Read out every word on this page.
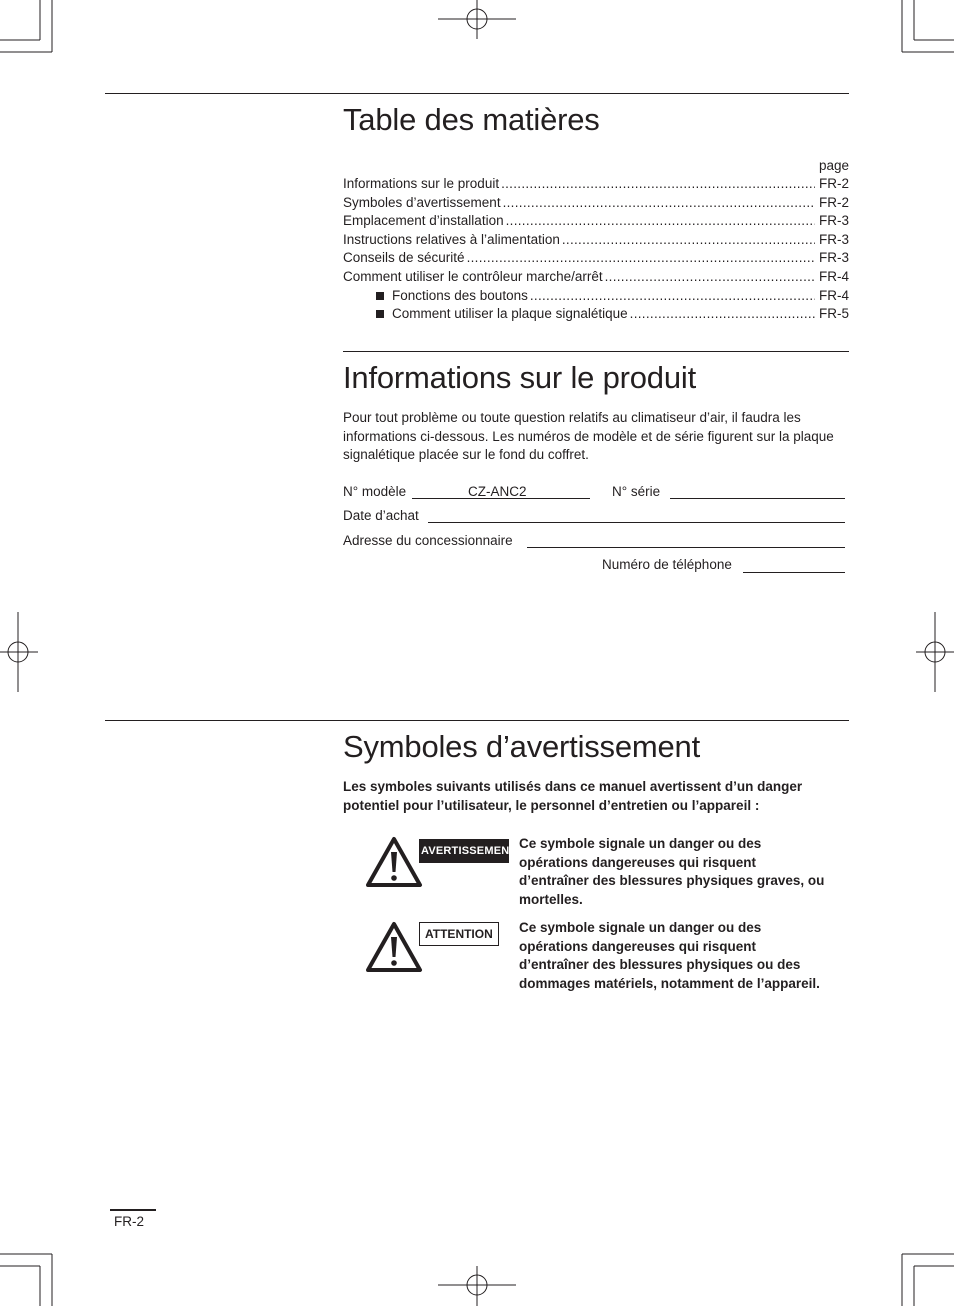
Table des matières
page
Informations sur le produit .....	FR-2
Symboles d’avertissement .....	FR-2
Emplacement d’installation .....	FR-3
Instructions relatives à l’alimentation .....	FR-3
Conseils de sécurité .....	FR-3
Comment utiliser le contrôleur marche/arrêt .....	FR-4
Fonctions des boutons .....	FR-4
Comment utiliser la plaque signalétique .....	FR-5
Informations sur le produit
Pour tout problème ou toute question relatifs au climatiseur d’air, il faudra les informations ci-dessous. Les numéros de modèle et de série figurent sur la plaque signalétique placée sur le fond du coffret.
N° modèle	CZ-ANC2	N° série
Date d’achat
Adresse du concessionnaire
Numéro de téléphone
Symboles d’avertissement
Les symboles suivants utilisés dans ce manuel avertissent d’un danger potentiel pour l’utilisateur, le personnel d’entretien ou l’appareil :
AVERTISSEMENT Ce symbole signale un danger ou des opérations dangereuses qui risquent d’entraîner des blessures physiques graves, ou mortelles.
ATTENTION	Ce symbole signale un danger ou des opérations dangereuses qui risquent d’entraîner des blessures physiques ou des dommages matériels, notamment de l’appareil.
FR-2
